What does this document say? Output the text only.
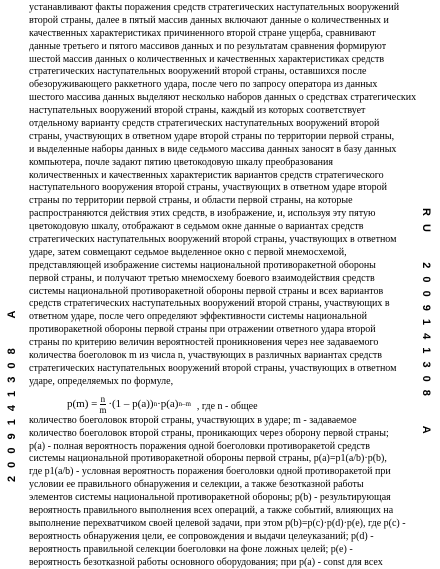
устанавливают факты поражения средств стратегических наступательных вооружений
второй страны, далее в пятый массив данных включают данные о количественных и
качественных характеристиках причиненного второй стране ущерба, сравнивают
данные третьего и пятого массивов данных и по результатам сравнения формируют
шестой массив данных о количественных и качественных характеристиках средств
стратегических наступательных вооружений второй страны, оставшихся после
обезоруживающего раккетного удара, после чего по запросу оператора из данных
шестого массива данных выделяют несколько наборов данных о средствах стратегических
наступательных вооружений второй страны, каждый из которых соответствует
отдельному варианту средств стратегических наступательных вооружений второй
страны, участвующих в ответном ударе второй страны по территории первой страны,
и выделенные наборы данных в виде седьмого массива данных заносят в базу данных
компьютера, почле задают пятию цветокодовую шкалу преобразования
количественных и качественных характеристик вариантов средств стратегического
наступательного вооружения второй страны, участвующих в ответном ударе второй
страны по территории первой страны, и области первой страны, на которые
распространяются действия этих средств, в изображение, и, используя эту пятую
цветокодовую шкалу, отображают в седьмом окне данные о вариантах средств
стратегических наступательных вооружений второй страны, участвующих в ответном
ударе, затем совмещают седьмое выделенное окно с первой мнемосхемой,
представляющей изображение системы национальной противоракетной обороны
первой страны, и получают третью мнемосхему боевого взаимодействия средств
системы национальной противоракетной обороны первой страны и всех вариантов
средств стратегических наступательных вооружений второй страны, участвующих в
ответном ударе, после чего определяют эффективности системы национальной
противоракетной обороны первой страны при отражении ответного удара второй
страны по критерию величин вероятностей проникновения через нее задаваемого
количества боеголовок m из числа n, участвующих в различных вариантах средств
стратегических наступательных вооружений второй страны, участвующих в ответном
ударе, определяемых по формуле,
$p(m) = \frac{n}{m} \cdot(1 - p(a))$ n ·p(a) n–m , где n - общее
количество боеголовок второй страны, участвующих в ударе; m - задаваемое
количество боеголовок второй страны, проникающих через оборону первой страны;
p(a) - полная вероятность поражения одной боеголовки противоракетой средств
системы национальной противоракетной обороны первой страны, p(a)=p1(a/b)·p(b),
где p1(a/b) - условная вероятность поражения боеголовки одной противоракетой при
условии ее правильного обнаружения и селекции, а также безотказной работы
элементов системы национальной противоракетной обороны; p(b) - результирующая
вероятность правильного выполнения всех операций, а также событий, влияющих на
выполнение перехватчиком своей целевой задачи, при этом p(b)=p(c)·p(d)·p(e), где p(c) -
вероятность обнаружения цели, ее сопровождения и выдачи целеуказаний; p(d) -
вероятность правильной селекции боеголовки на фоне ложных целей; p(e) -
вероятность безотказной работы основного оборудования; при p(a) - const для всех
2 0 0 9 1 4 1 3 0 8     A	R U     2 0 0 9 1 4 1 3 0 8     A
